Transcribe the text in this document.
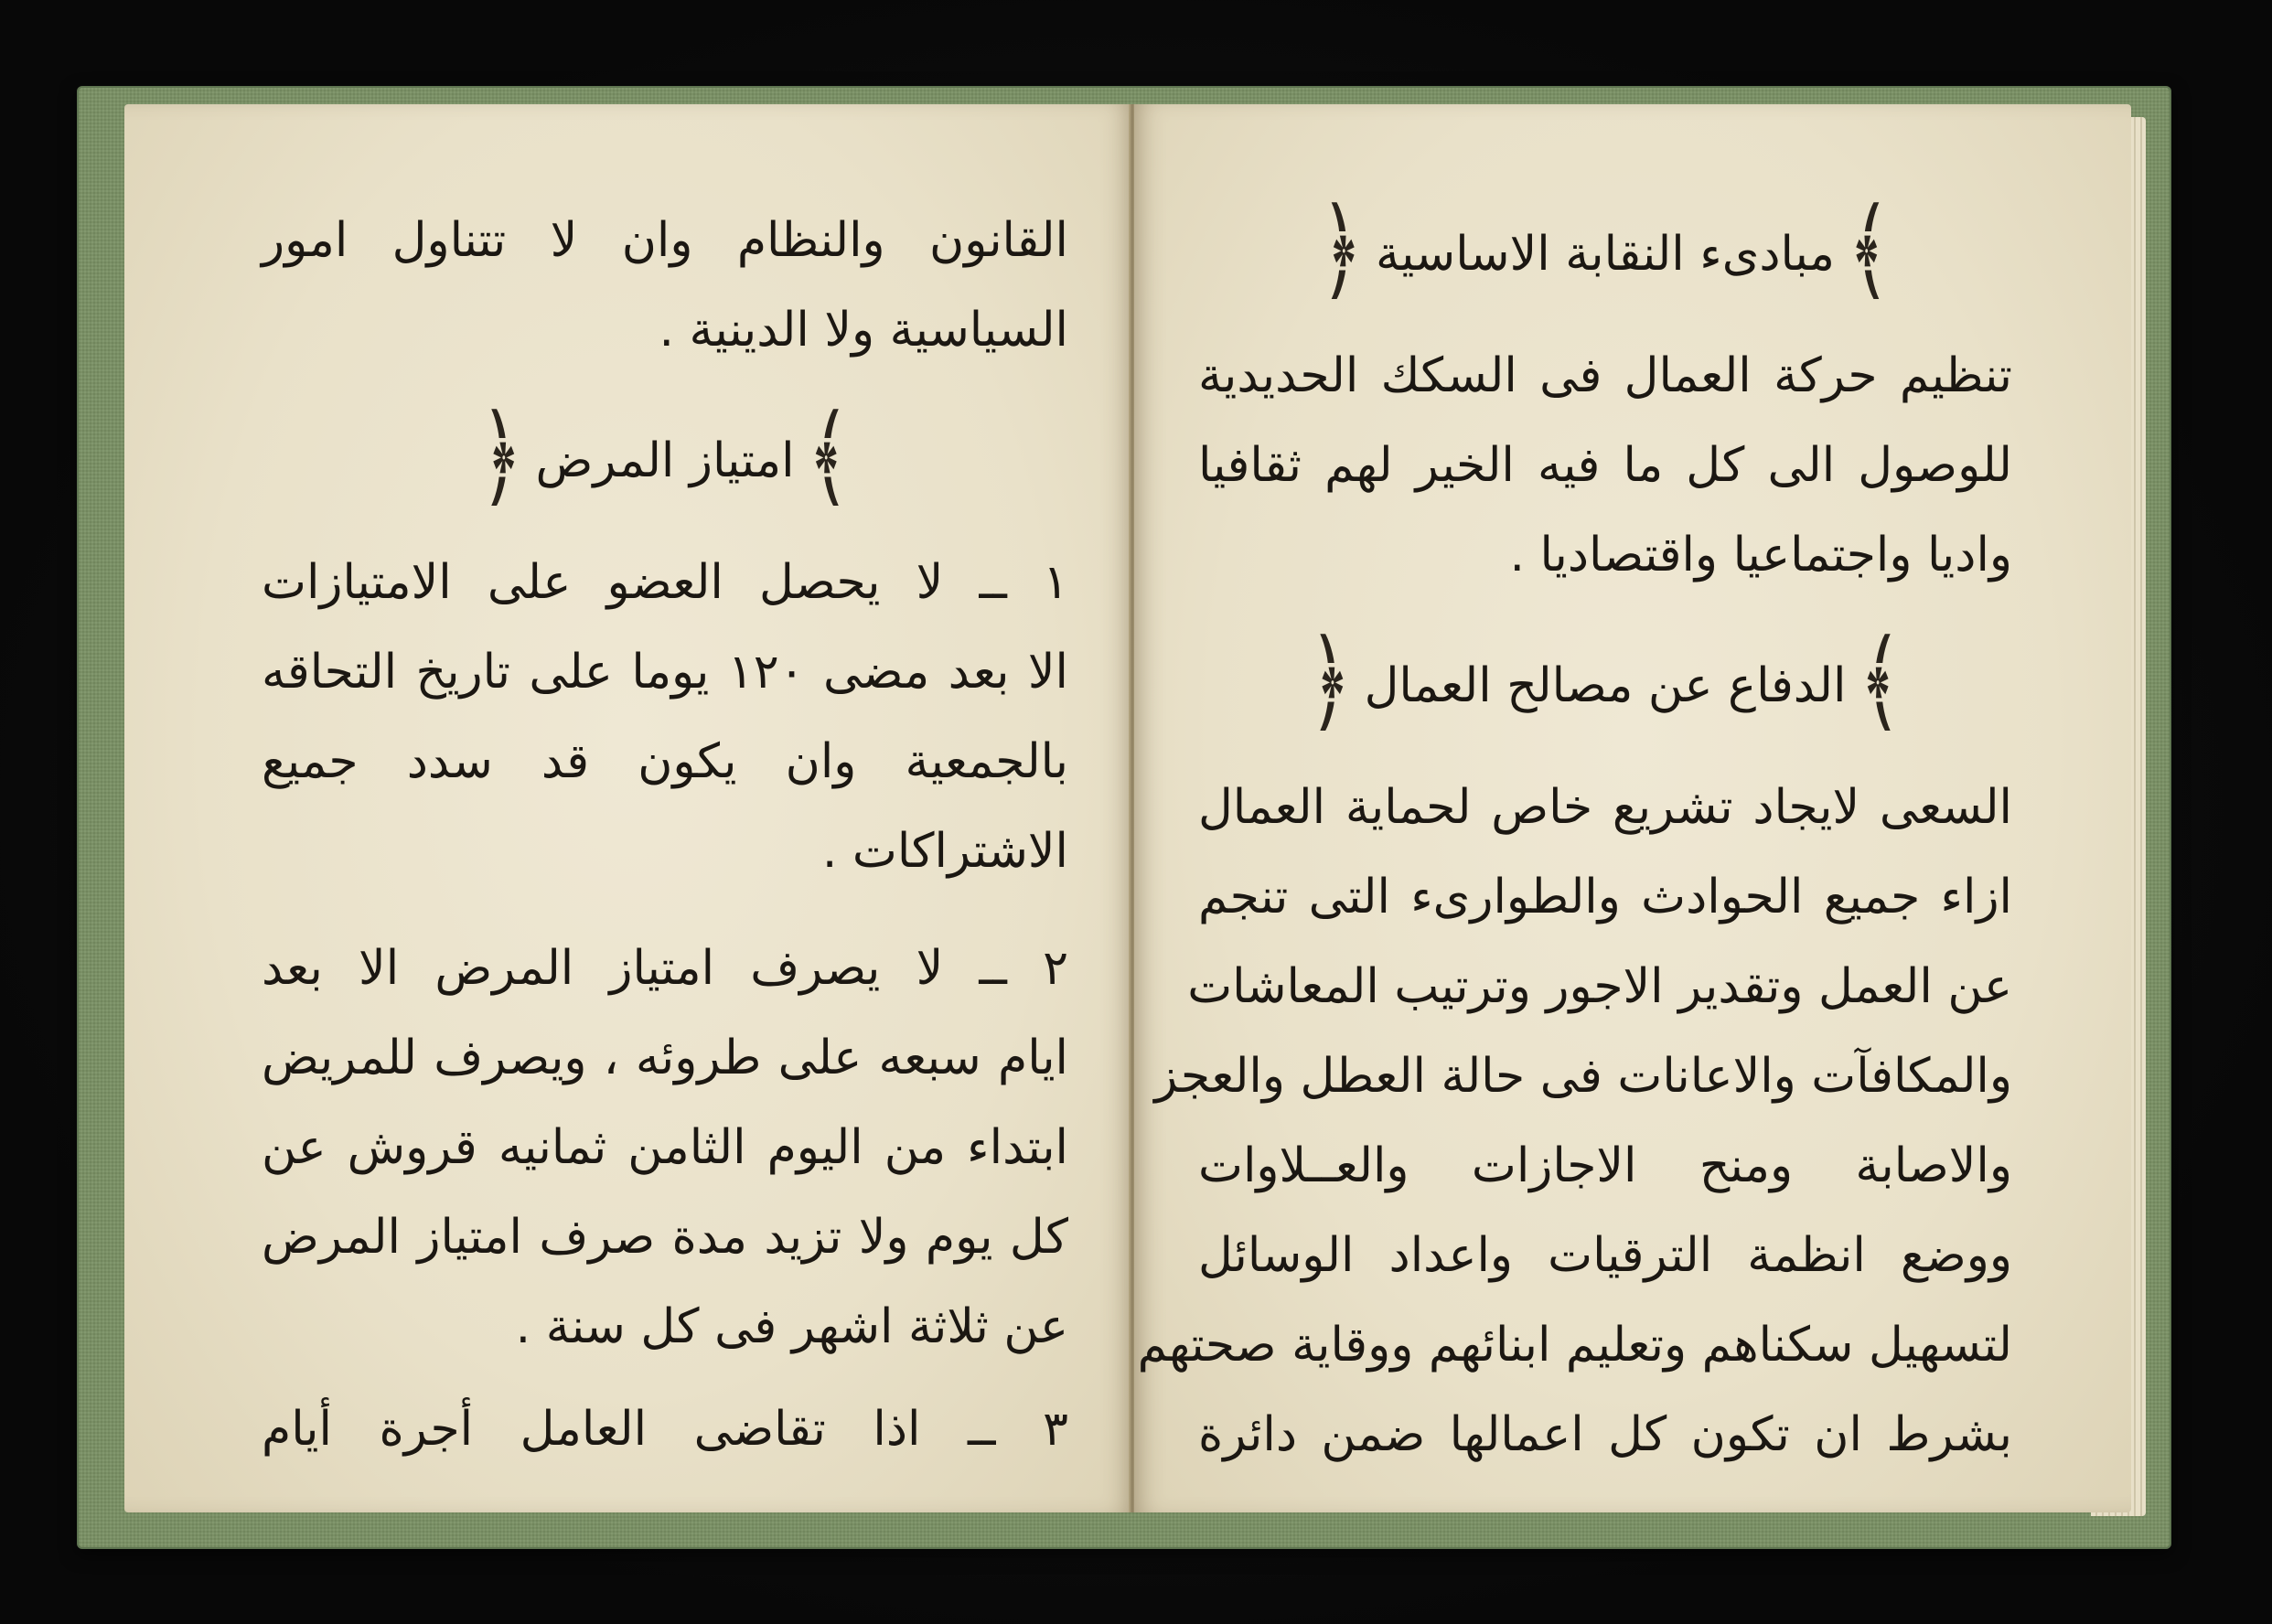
القانون والنظام وان لا تتناول امور

السياسية ولا الدينية .

﴾امتياز المرض﴿

١ ــ لا يحصل العضو على الامتيازات

الا بعد مضى ١٢٠ يوما على تاريخ التحاقه

بالجمعية وان يكون قد سدد جميع

الاشتراكات .

٢ ــ لا يصرف امتياز المرض الا بعد

ايام سبعه على طروئه ، ويصرف للمريض

ابتداء من اليوم الثامن ثمانيه قروش عن

كل يوم ولا تزيد مدة صرف امتياز المرض

عن ثلاثة اشهر فى كل سنة .

٣ ــ اذا تقاضى العامل أجرة أيام

﴾مبادىء النقابة الاساسية﴿

تنظيم حركة العمال فى السكك الحديدية

للوصول الى كل ما فيه الخير لهم ثقافيا

واديا واجتماعيا واقتصاديا .

﴾الدفاع عن مصالح العمال﴿

السعى لايجاد تشريع خاص لحماية العمال

ازاء جميع الحوادث والطوارىء التى تنجم

عن العمل وتقدير الاجور وترتيب المعاشات

والمكافآت والاعانات فى حالة العطل والعجز

والاصابة ومنح الاجازات والعــلاوات

ووضع انظمة الترقيات واعداد الوسائل

لتسهيل سكناهم وتعليم ابنائهم ووقاية صحتهم

بشرط ان تكون كل اعمالها ضمن دائرة
